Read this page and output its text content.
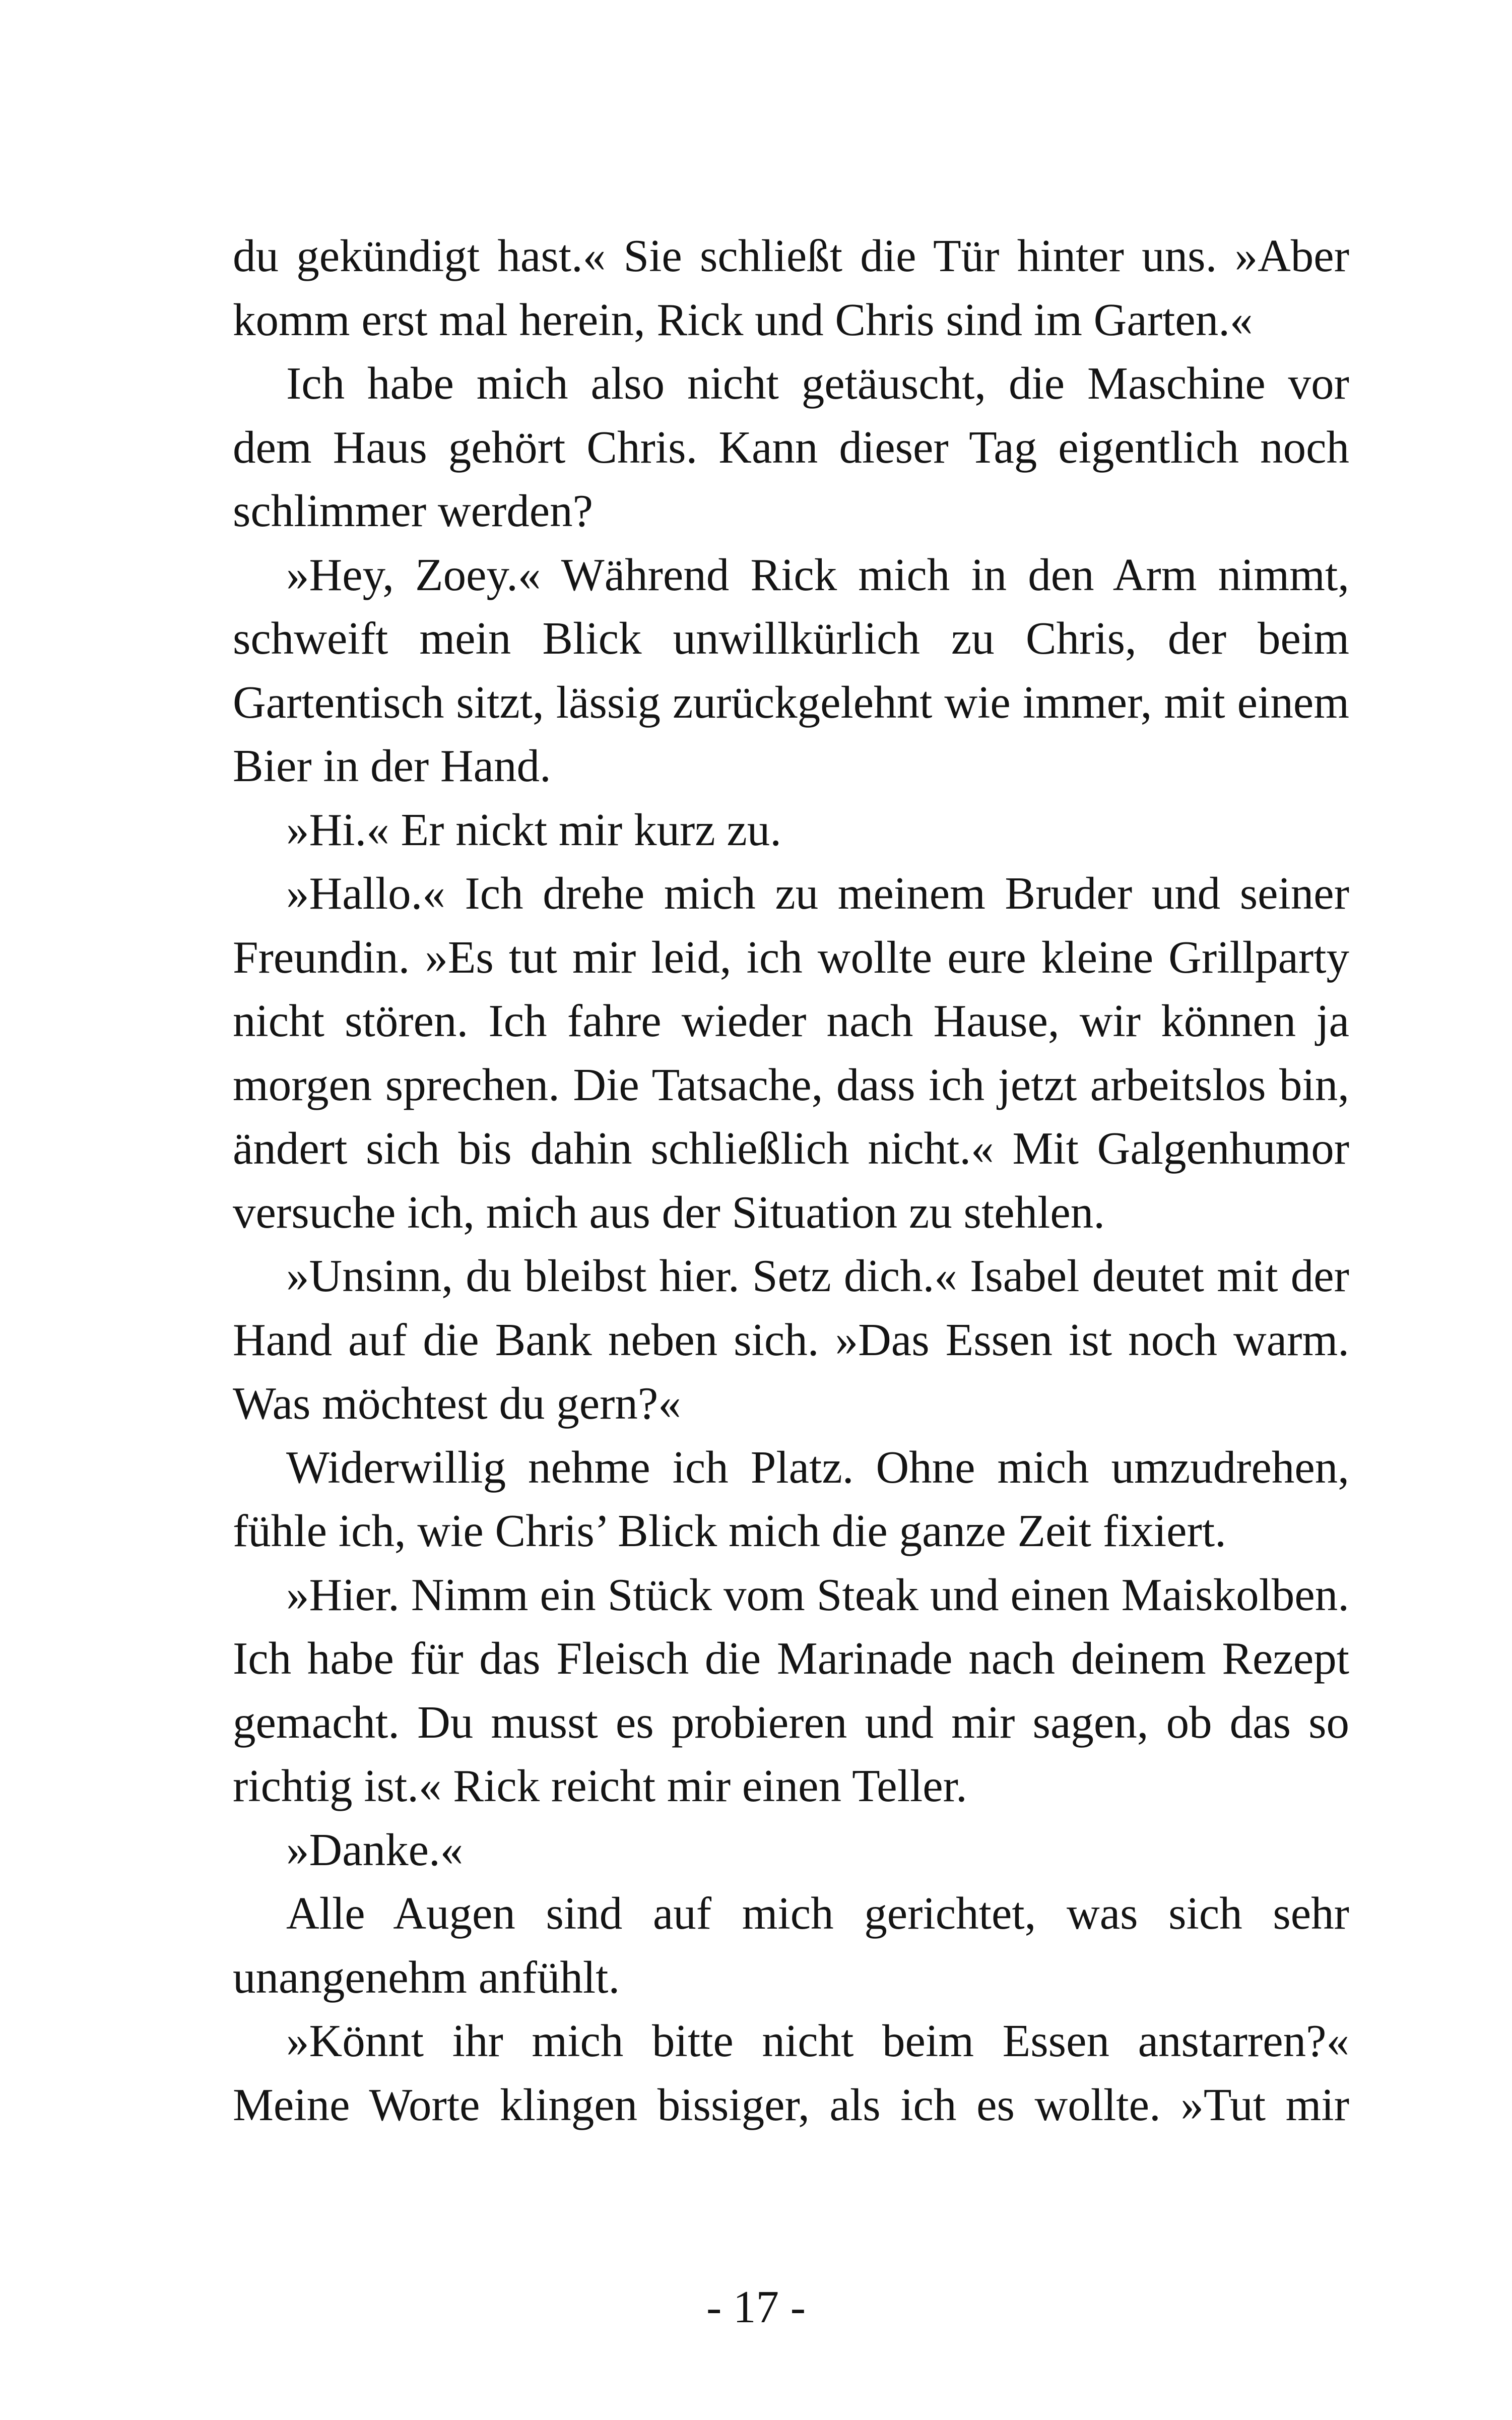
du gekündigt hast.« Sie schließt die Tür hinter uns. »Aber komm erst mal herein, Rick und Chris sind im Garten.«

Ich habe mich also nicht getäuscht, die Maschine vor dem Haus gehört Chris. Kann dieser Tag eigentlich noch schlimmer werden?

»Hey, Zoey.« Während Rick mich in den Arm nimmt, schweift mein Blick unwillkürlich zu Chris, der beim Gartentisch sitzt, lässig zurückgelehnt wie immer, mit einem Bier in der Hand.

»Hi.« Er nickt mir kurz zu.

»Hallo.« Ich drehe mich zu meinem Bruder und seiner Freundin. »Es tut mir leid, ich wollte eure kleine Grillparty nicht stören. Ich fahre wieder nach Hause, wir können ja morgen sprechen. Die Tatsache, dass ich jetzt arbeitslos bin, ändert sich bis dahin schließlich nicht.« Mit Galgenhumor versuche ich, mich aus der Situation zu stehlen.

»Unsinn, du bleibst hier. Setz dich.« Isabel deutet mit der Hand auf die Bank neben sich. »Das Essen ist noch warm. Was möchtest du gern?«

Widerwillig nehme ich Platz. Ohne mich umzudrehen, fühle ich, wie Chris’ Blick mich die ganze Zeit fixiert.

»Hier. Nimm ein Stück vom Steak und einen Maiskolben. Ich habe für das Fleisch die Marinade nach deinem Rezept gemacht. Du musst es probieren und mir sagen, ob das so richtig ist.« Rick reicht mir einen Teller.

»Danke.«

Alle Augen sind auf mich gerichtet, was sich sehr unangenehm anfühlt.

»Könnt ihr mich bitte nicht beim Essen anstarren?« Meine Worte klingen bissiger, als ich es wollte. »Tut mir

- 17 -
